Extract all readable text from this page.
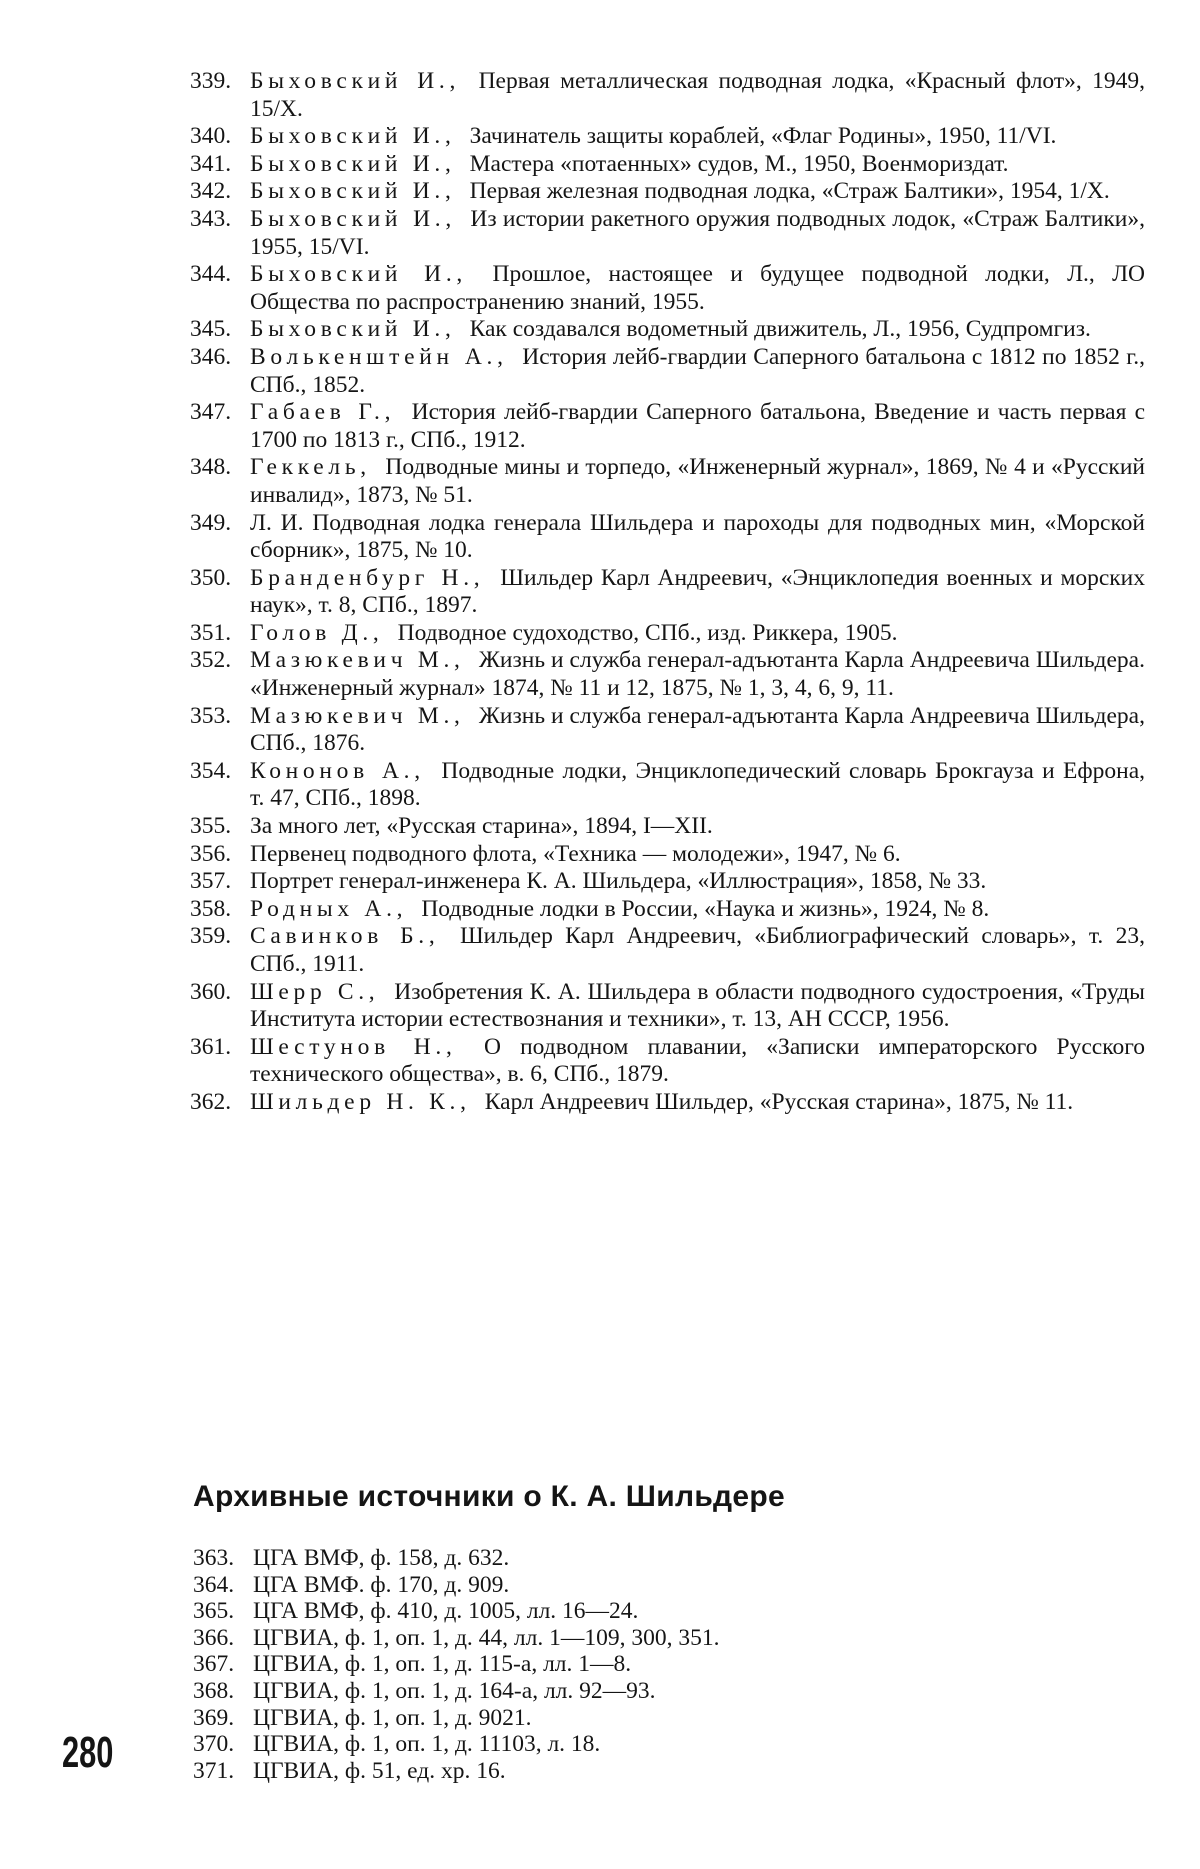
339. Быховский И., Первая металлическая подводная лодка, «Красный флот», 1949, 15/X.
340. Быховский И., Зачинатель защиты кораблей, «Флаг Родины», 1950, 11/VI.
341. Быховский И., Мастера «потаенных» судов, М., 1950, Военмориздат.
342. Быховский И., Первая железная подводная лодка, «Страж Балтики», 1954, 1/X.
343. Быховский И., Из истории ракетного оружия подводных лодок, «Страж Балтики», 1955, 15/VI.
344. Быховский И., Прошлое, настоящее и будущее подводной лодки, Л., ЛО Общества по распространению знаний, 1955.
345. Быховский И., Как создавался водометный движитель, Л., 1956, Судпромгиз.
346. Волькенштейн А., История лейб-гвардии Саперного батальона с 1812 по 1852 г., СПб., 1852.
347. Габаев Г., История лейб-гвардии Саперного батальона, Введение и часть первая с 1700 по 1813 г., СПб., 1912.
348. Геккель, Подводные мины и торпедо, «Инженерный журнал», 1869, № 4 и «Русский инвалид», 1873, № 51.
349. Л. И. Подводная лодка генерала Шильдера и пароходы для подводных мин, «Морской сборник», 1875, № 10.
350. Бранденбург Н., Шильдер Карл Андреевич, «Энциклопедия военных и морских наук», т. 8, СПб., 1897.
351. Голов Д., Подводное судоходство, СПб., изд. Риккера, 1905.
352. Мазюкевич М., Жизнь и служба генерал-адъютанта Карла Андреевича Шильдера. «Инженерный журнал» 1874, № 11 и 12, 1875, № 1, 3, 4, 6, 9, 11.
353. Мазюкевич М., Жизнь и служба генерал-адъютанта Карла Андреевича Шильдера, СПб., 1876.
354. Кононов А., Подводные лодки, Энциклопедический словарь Брокгауза и Ефрона, т. 47, СПб., 1898.
355. За много лет, «Русская старина», 1894, I—XII.
356. Первенец подводного флота, «Техника — молодежи», 1947, № 6.
357. Портрет генерал-инженера К. А. Шильдера, «Иллюстрация», 1858, № 33.
358. Родных А., Подводные лодки в России, «Наука и жизнь», 1924, № 8.
359. Савинков Б., Шильдер Карл Андреевич, «Библиографический словарь», т. 23, СПб., 1911.
360. Шерр С., Изобретения К. А. Шильдера в области подводного судостроения, «Труды Института истории естествознания и техники», т. 13, АН СССР, 1956.
361. Шестунов Н., О подводном плавании, «Записки императорского Русского технического общества», в. 6, СПб., 1879.
362. Шильдер Н. К., Карл Андреевич Шильдер, «Русская старина», 1875, № 11.
Архивные источники о К. А. Шильдере
363. ЦГА ВМФ, ф. 158, д. 632.
364. ЦГА ВМФ. ф. 170, д. 909.
365. ЦГА ВМФ, ф. 410, д. 1005, лл. 16—24.
366. ЦГВИА, ф. 1, оп. 1, д. 44, лл. 1—109, 300, 351.
367. ЦГВИА, ф. 1, оп. 1, д. 115-а, лл. 1—8.
368. ЦГВИА, ф. 1, оп. 1, д. 164-а, лл. 92—93.
369. ЦГВИА, ф. 1, оп. 1, д. 9021.
370. ЦГВИА, ф. 1, оп. 1, д. 11103, л. 18.
371. ЦГВИА, ф. 51, ед. хр. 16.
280
